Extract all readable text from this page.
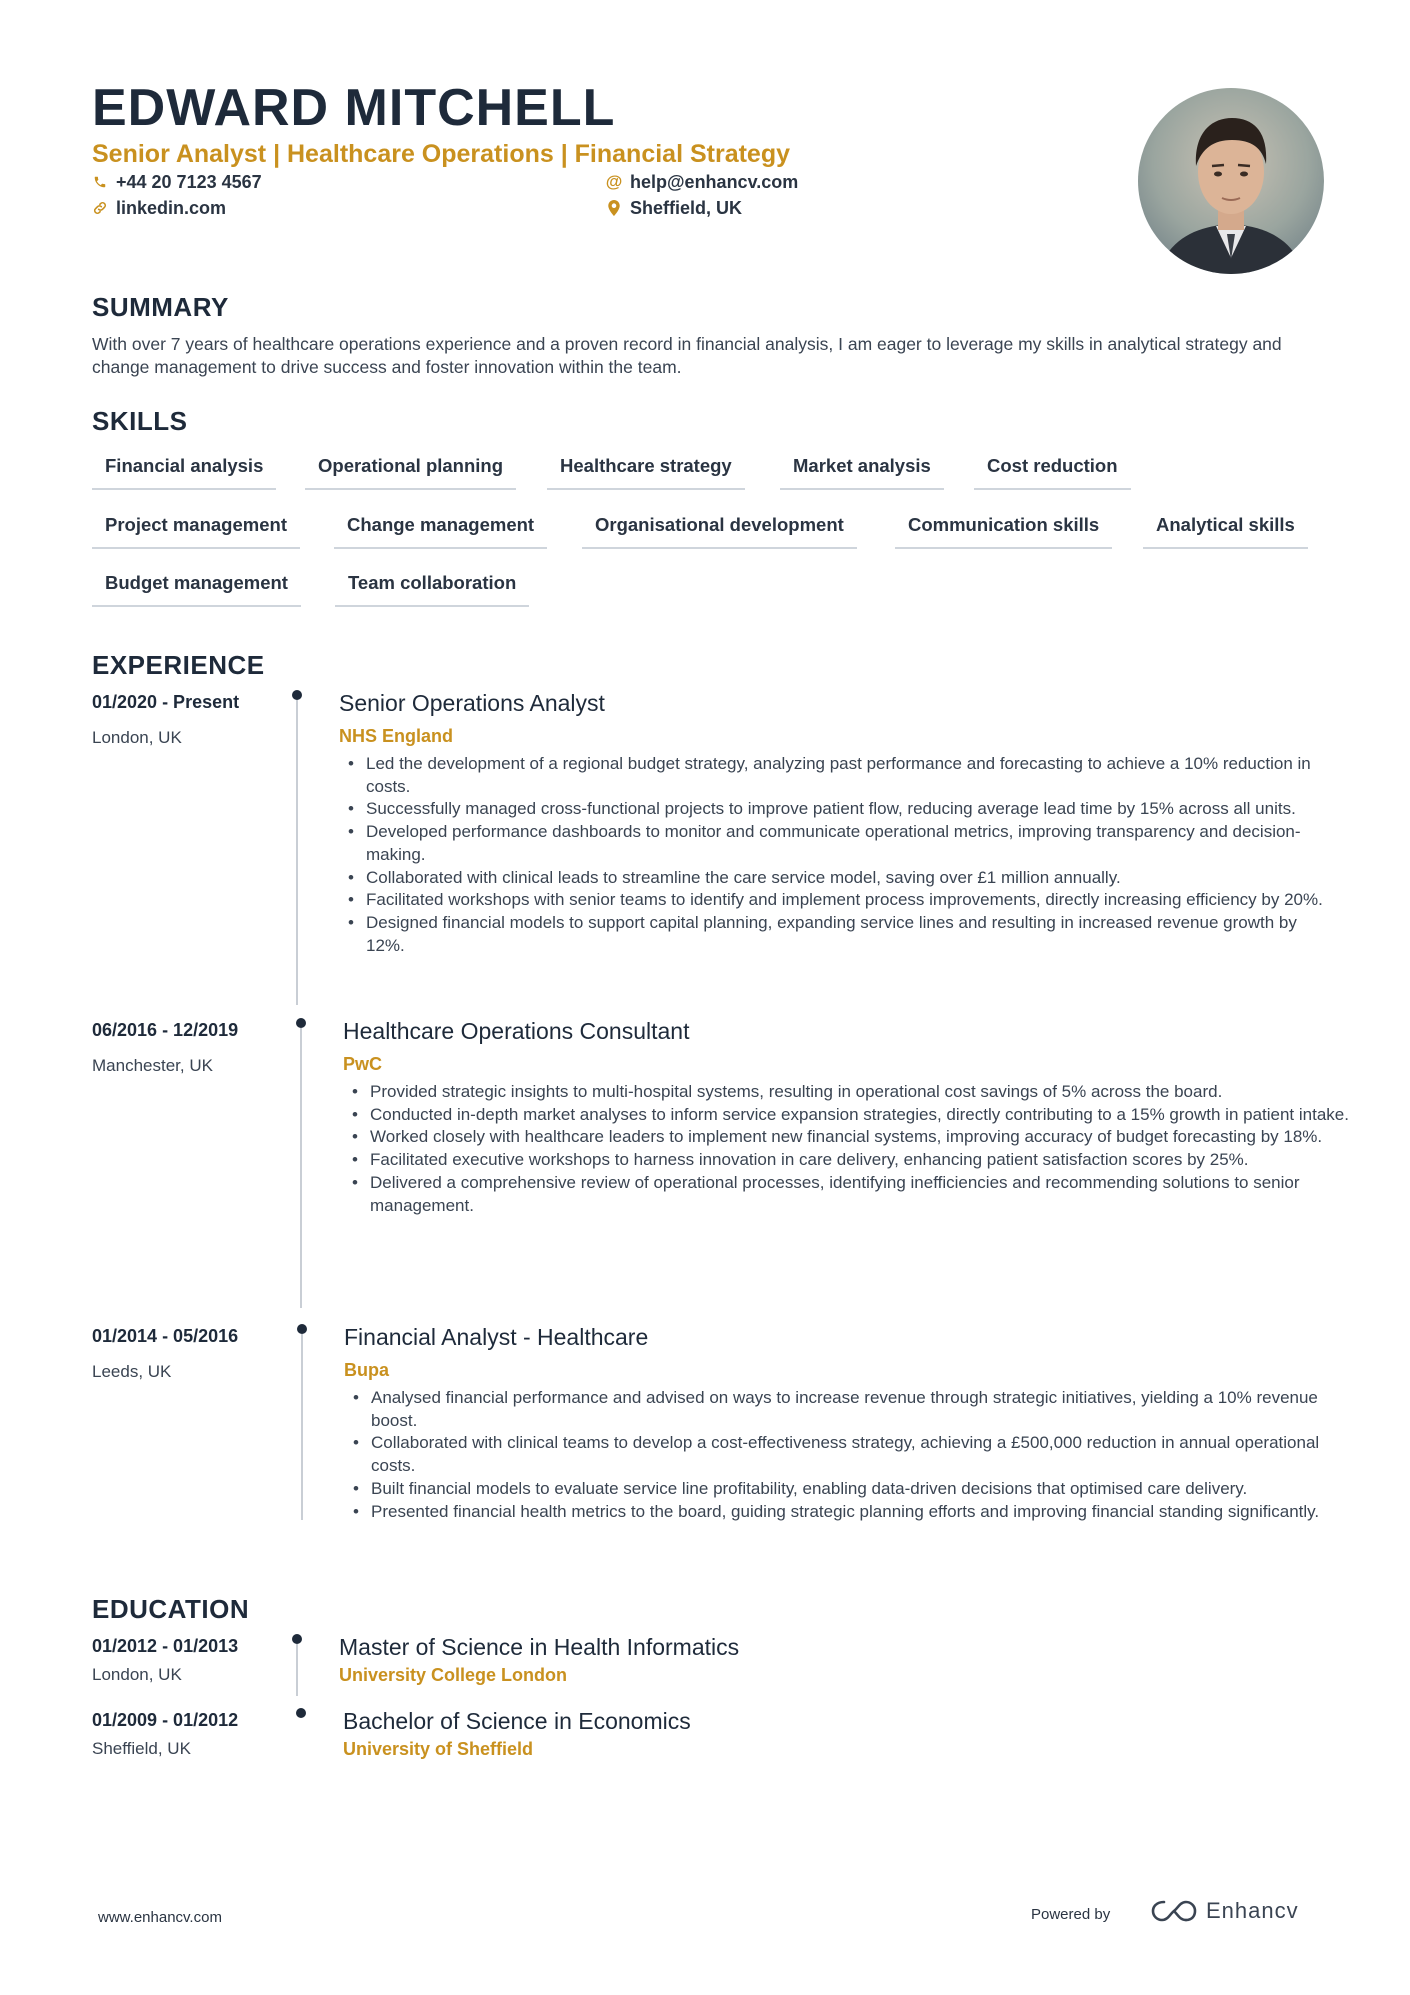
EDWARD MITCHELL
Senior Analyst | Healthcare Operations | Financial Strategy
+44 20 7123 4567	@ help@enhancv.com
linkedin.com	Sheffield, UK
SUMMARY
With over 7 years of healthcare operations experience and a proven record in financial analysis, I am eager to leverage my skills in analytical strategy and change management to drive success and foster innovation within the team.
SKILLS
Financial analysis	Operational planning	Healthcare strategy	Market analysis	Cost reduction
Project management	Change management	Organisational development	Communication skills	Analytical skills
Budget management	Team collaboration
EXPERIENCE
01/2020 - Present
London, UK
Senior Operations Analyst
NHS England
• Led the development of a regional budget strategy, analyzing past performance and forecasting to achieve a 10% reduction in costs.
• Successfully managed cross-functional projects to improve patient flow, reducing average lead time by 15% across all units.
• Developed performance dashboards to monitor and communicate operational metrics, improving transparency and decision-making.
• Collaborated with clinical leads to streamline the care service model, saving over £1 million annually.
• Facilitated workshops with senior teams to identify and implement process improvements, directly increasing efficiency by 20%.
• Designed financial models to support capital planning, expanding service lines and resulting in increased revenue growth by 12%.
06/2016 - 12/2019
Manchester, UK
Healthcare Operations Consultant
PwC
• Provided strategic insights to multi-hospital systems, resulting in operational cost savings of 5% across the board.
• Conducted in-depth market analyses to inform service expansion strategies, directly contributing to a 15% growth in patient intake.
• Worked closely with healthcare leaders to implement new financial systems, improving accuracy of budget forecasting by 18%.
• Facilitated executive workshops to harness innovation in care delivery, enhancing patient satisfaction scores by 25%.
• Delivered a comprehensive review of operational processes, identifying inefficiencies and recommending solutions to senior management.
01/2014 - 05/2016
Leeds, UK
Financial Analyst - Healthcare
Bupa
• Analysed financial performance and advised on ways to increase revenue through strategic initiatives, yielding a 10% revenue boost.
• Collaborated with clinical teams to develop a cost-effectiveness strategy, achieving a £500,000 reduction in annual operational costs.
• Built financial models to evaluate service line profitability, enabling data-driven decisions that optimised care delivery.
• Presented financial health metrics to the board, guiding strategic planning efforts and improving financial standing significantly.
EDUCATION
01/2012 - 01/2013
London, UK
Master of Science in Health Informatics
University College London
01/2009 - 01/2012
Sheffield, UK
Bachelor of Science in Economics
University of Sheffield
www.enhancv.com	Powered by	Enhancv
